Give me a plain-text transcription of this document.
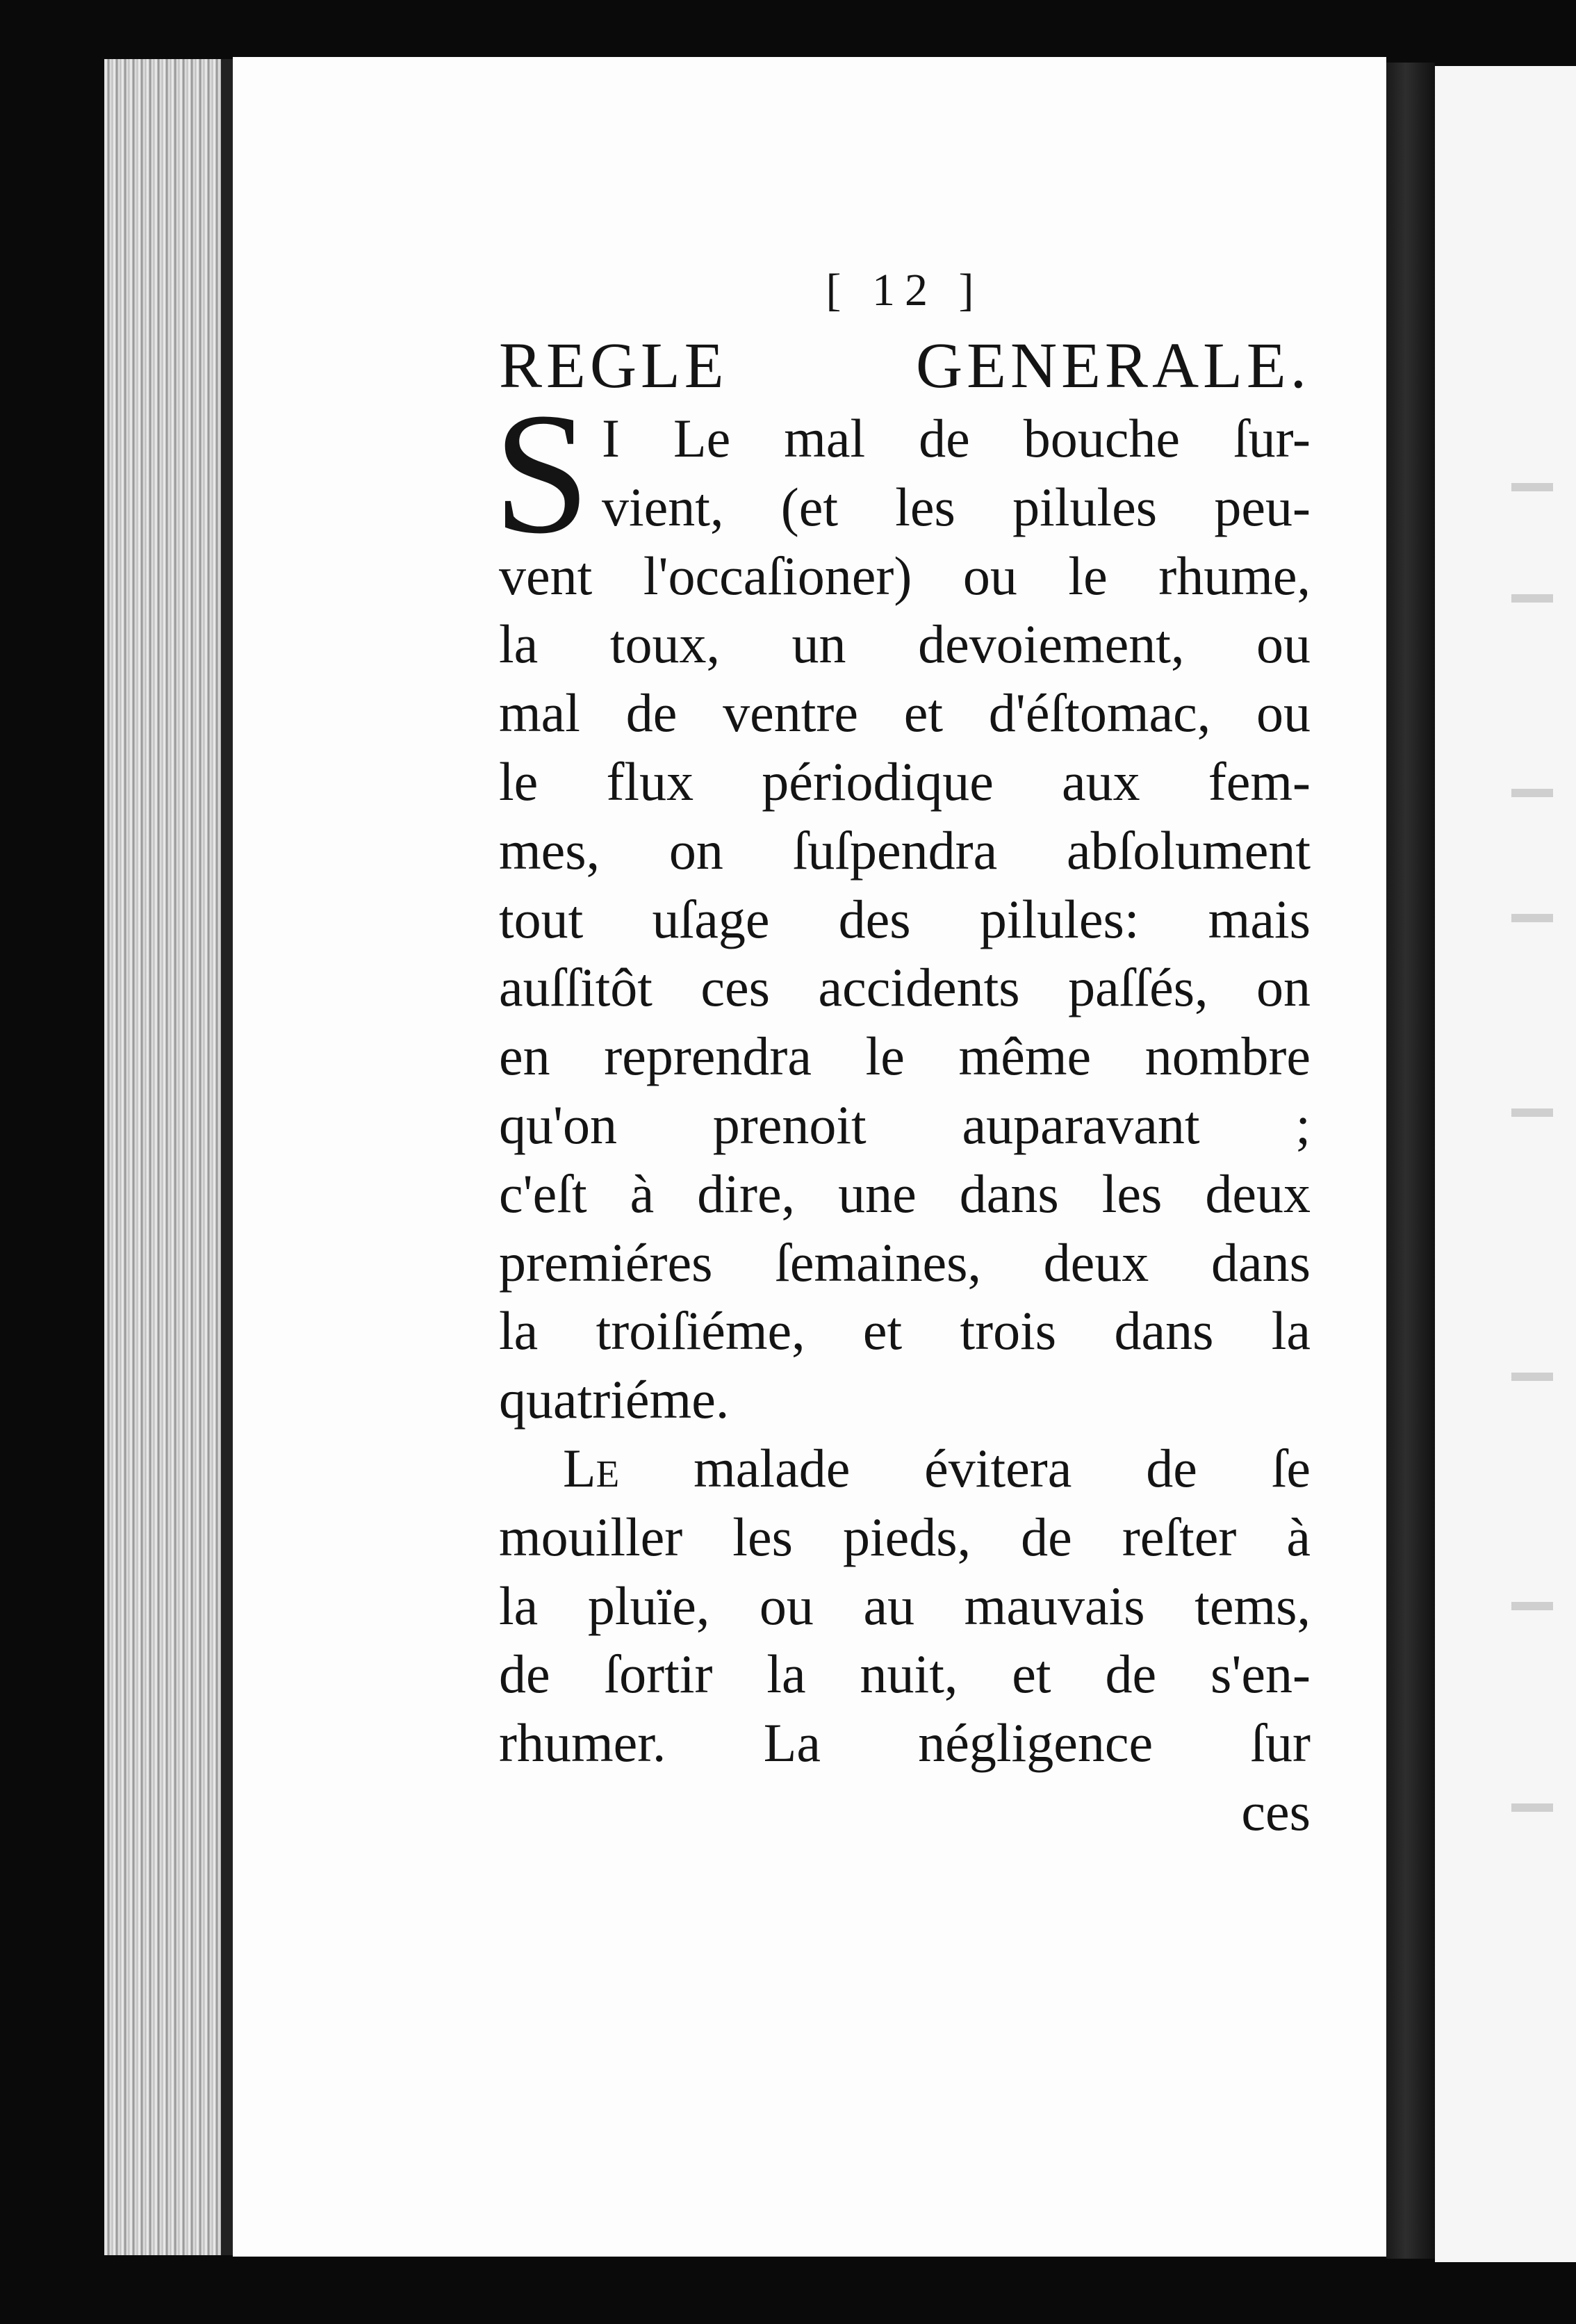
[ 12 ]
REGLE GENERALE.
S I Le mal de bouche ſur-
vient, (et les pilules peu-
vent l'occaſioner) ou le rhume,
la toux, un devoiement, ou
mal de ventre et d'éſtomac, ou
le flux périodique aux fem-
mes, on ſuſpendra abſolument
tout uſage des pilules: mais
auſſitôt ces accidents paſſés, on
en reprendra le même nombre
qu'on prenoit auparavant ;
c'eſt à dire, une dans les deux
premiéres ſemaines, deux dans
la troiſiéme, et trois dans la
quatriéme.
Le malade évitera de ſe
mouiller les pieds, de reſter à
la pluïe, ou au mauvais tems,
de ſortir la nuit, et de s'en-
rhumer. La négligence ſur
ces
